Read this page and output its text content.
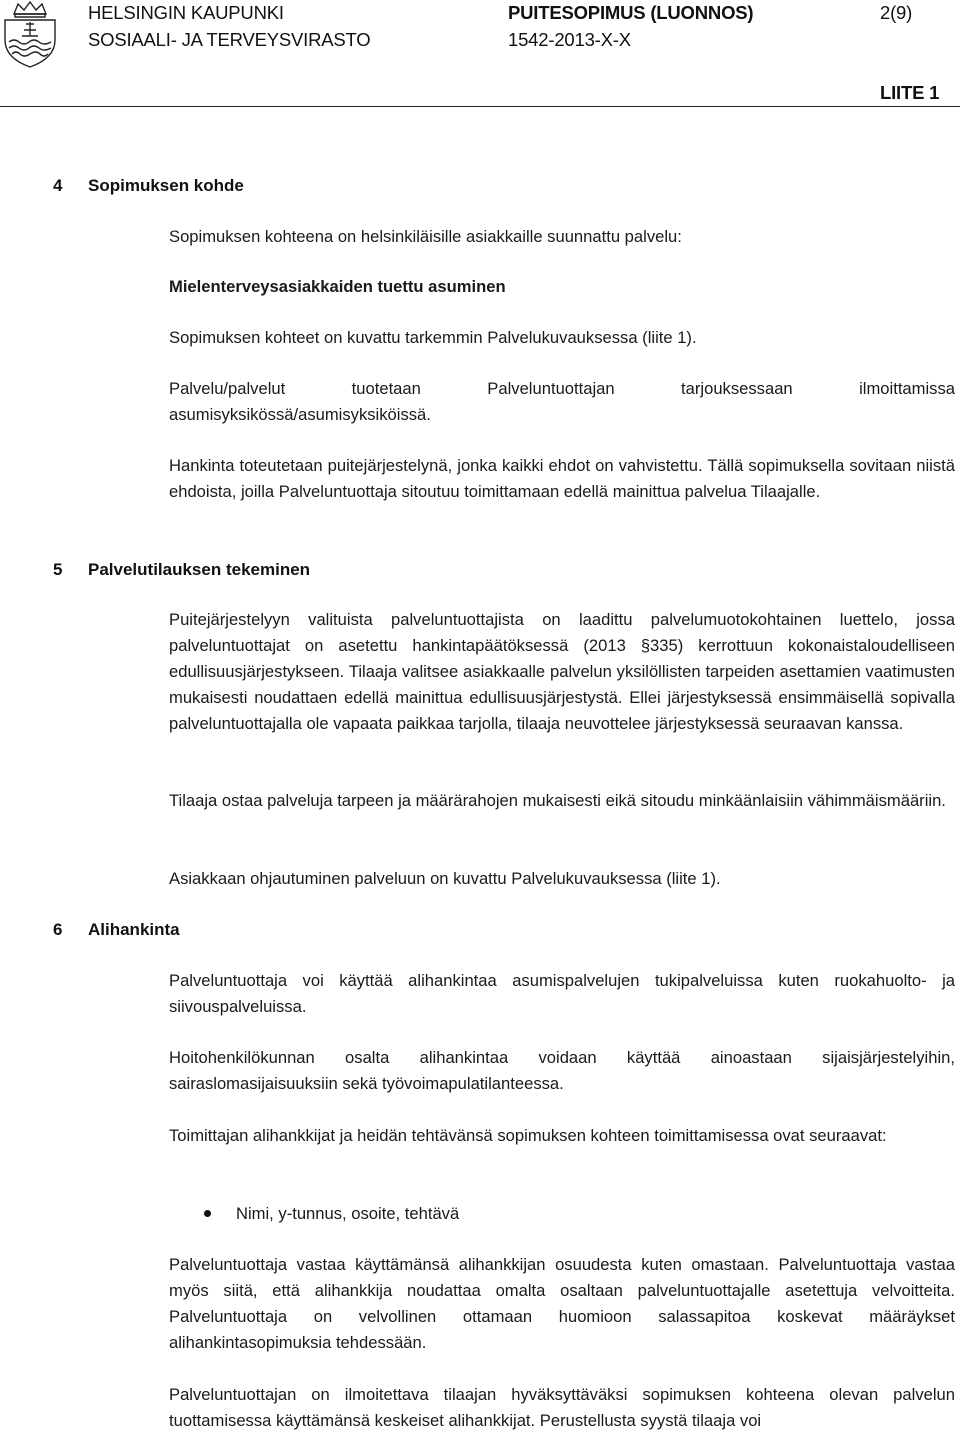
HELSINGIN KAUPUNKI
SOSIAALI- JA TERVEYSVIRASTO
PUITESOPIMUS (LUONNOS)
1542-2013-X-X
2(9)
LIITE 1
4 Sopimuksen kohde
Sopimuksen kohteena on helsinkiläisille asiakkaille suunnattu palvelu:
Mielenterveysasiakkaiden tuettu asuminen
Sopimuksen kohteet on kuvattu tarkemmin Palvelukuvauksessa (liite 1).
Palvelu/palvelut tuotetaan Palveluntuottajan tarjouksessaan ilmoittamissa asumisyksikössä/asumisyksiköissä.
Hankinta toteutetaan puitejärjestelynä, jonka kaikki ehdot on vahvistettu. Tällä sopimuksella sovitaan niistä ehdoista, joilla Palveluntuottaja sitoutuu toimittamaan edellä mainittua palvelua Tilaajalle.
5 Palvelutilauksen tekeminen
Puitejärjestelyyn valituista palveluntuottajista on laadittu palvelumuotokohtainen luettelo, jossa palveluntuottajat on asetettu hankintapäätöksessä (2013 §335) kerrottuun kokonaistaloudelliseen edullisuusjärjestykseen. Tilaaja valitsee asiakkaalle palvelun yksilöllisten tarpeiden asettamien vaatimusten mukaisesti noudattaen edellä mainittua edullisuusjärjestystä. Ellei järjestyksessä ensimmäisellä sopivalla palveluntuottajalla ole vapaata paikkaa tarjolla, tilaaja neuvottelee järjestyksessä seuraavan kanssa.
Tilaaja ostaa palveluja tarpeen ja määrärahojen mukaisesti eikä sitoudu minkäänlaisiin vähimmäismääriin.
Asiakkaan ohjautuminen palveluun on kuvattu Palvelukuvauksessa (liite 1).
6 Alihankinta
Palveluntuottaja voi käyttää alihankintaa asumispalvelujen tukipalveluissa kuten ruokahuolto- ja siivouspalveluissa.
Hoitohenkilökunnan osalta alihankintaa voidaan käyttää ainoastaan sijaisjärjestelyihin, sairaslomasijaisuuksiin sekä työvoimapulatilanteessa.
Toimittajan alihankkijat ja heidän tehtävänsä sopimuksen kohteen toimittamisessa ovat seuraavat:
Nimi, y-tunnus, osoite, tehtävä
Palveluntuottaja vastaa käyttämänsä alihankkijan osuudesta kuten omastaan. Palveluntuottaja vastaa myös siitä, että alihankkija noudattaa omalta osaltaan palveluntuottajalle asetettuja velvoitteita. Palveluntuottaja on velvollinen ottamaan huomioon salassapitoa koskevat määräykset alihankintasopimuksia tehdessään.
Palveluntuottajan on ilmoitettava tilaajan hyväksyttäväksi sopimuksen kohteena olevan palvelun tuottamisessa käyttämänsä keskeiset alihankkijat. Perustellusta syystä tilaaja voi
